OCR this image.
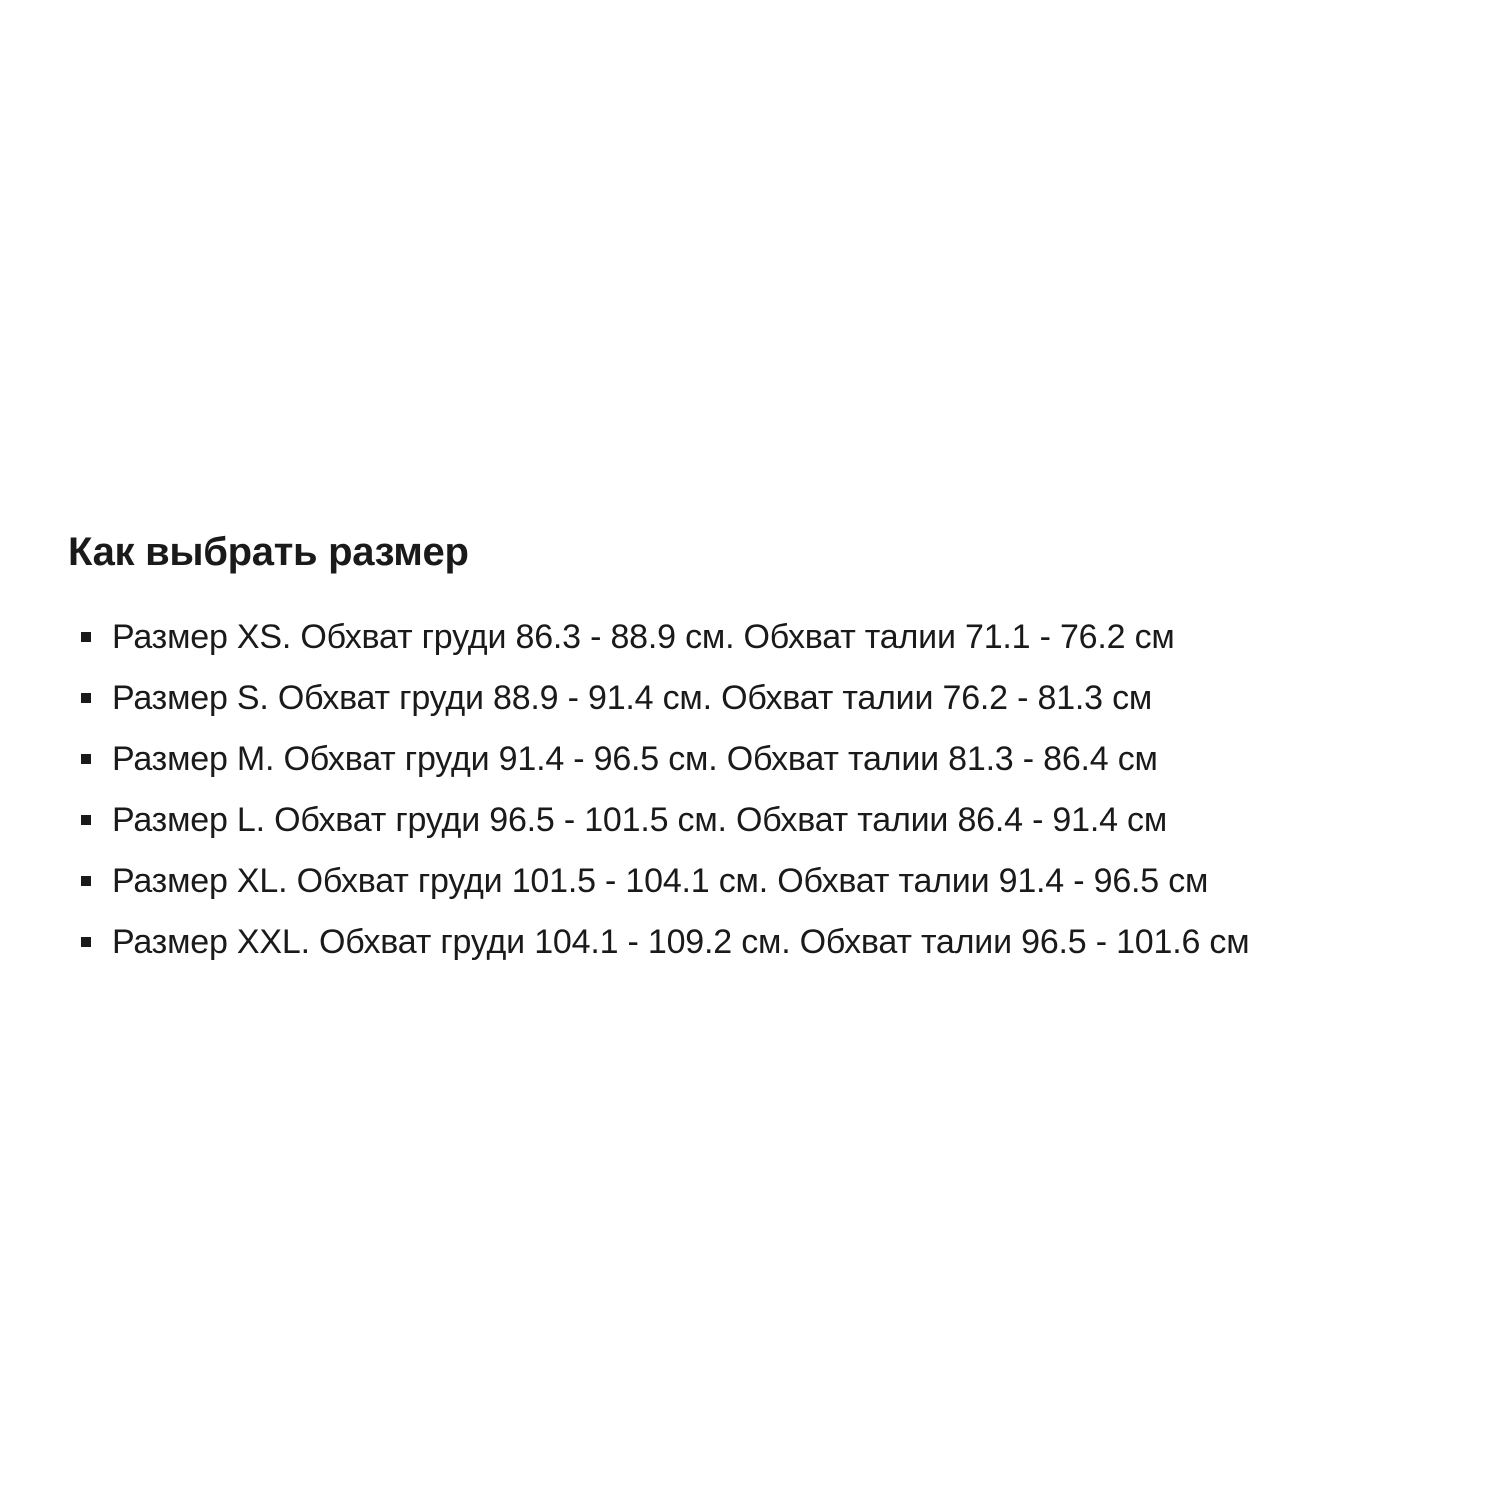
Как выбрать размер
Размер XS. Обхват груди 86.3 - 88.9 см. Обхват талии 71.1 - 76.2 см
Размер S. Обхват груди 88.9 - 91.4 см. Обхват талии 76.2 - 81.3 см
Размер M. Обхват груди 91.4 - 96.5 см. Обхват талии 81.3 - 86.4 см
Размер L. Обхват груди 96.5 - 101.5 см. Обхват талии 86.4 - 91.4 см
Размер XL. Обхват груди 101.5 - 104.1 см. Обхват талии 91.4 - 96.5 см
Размер XXL. Обхват груди 104.1 - 109.2 см. Обхват талии 96.5 - 101.6 см
